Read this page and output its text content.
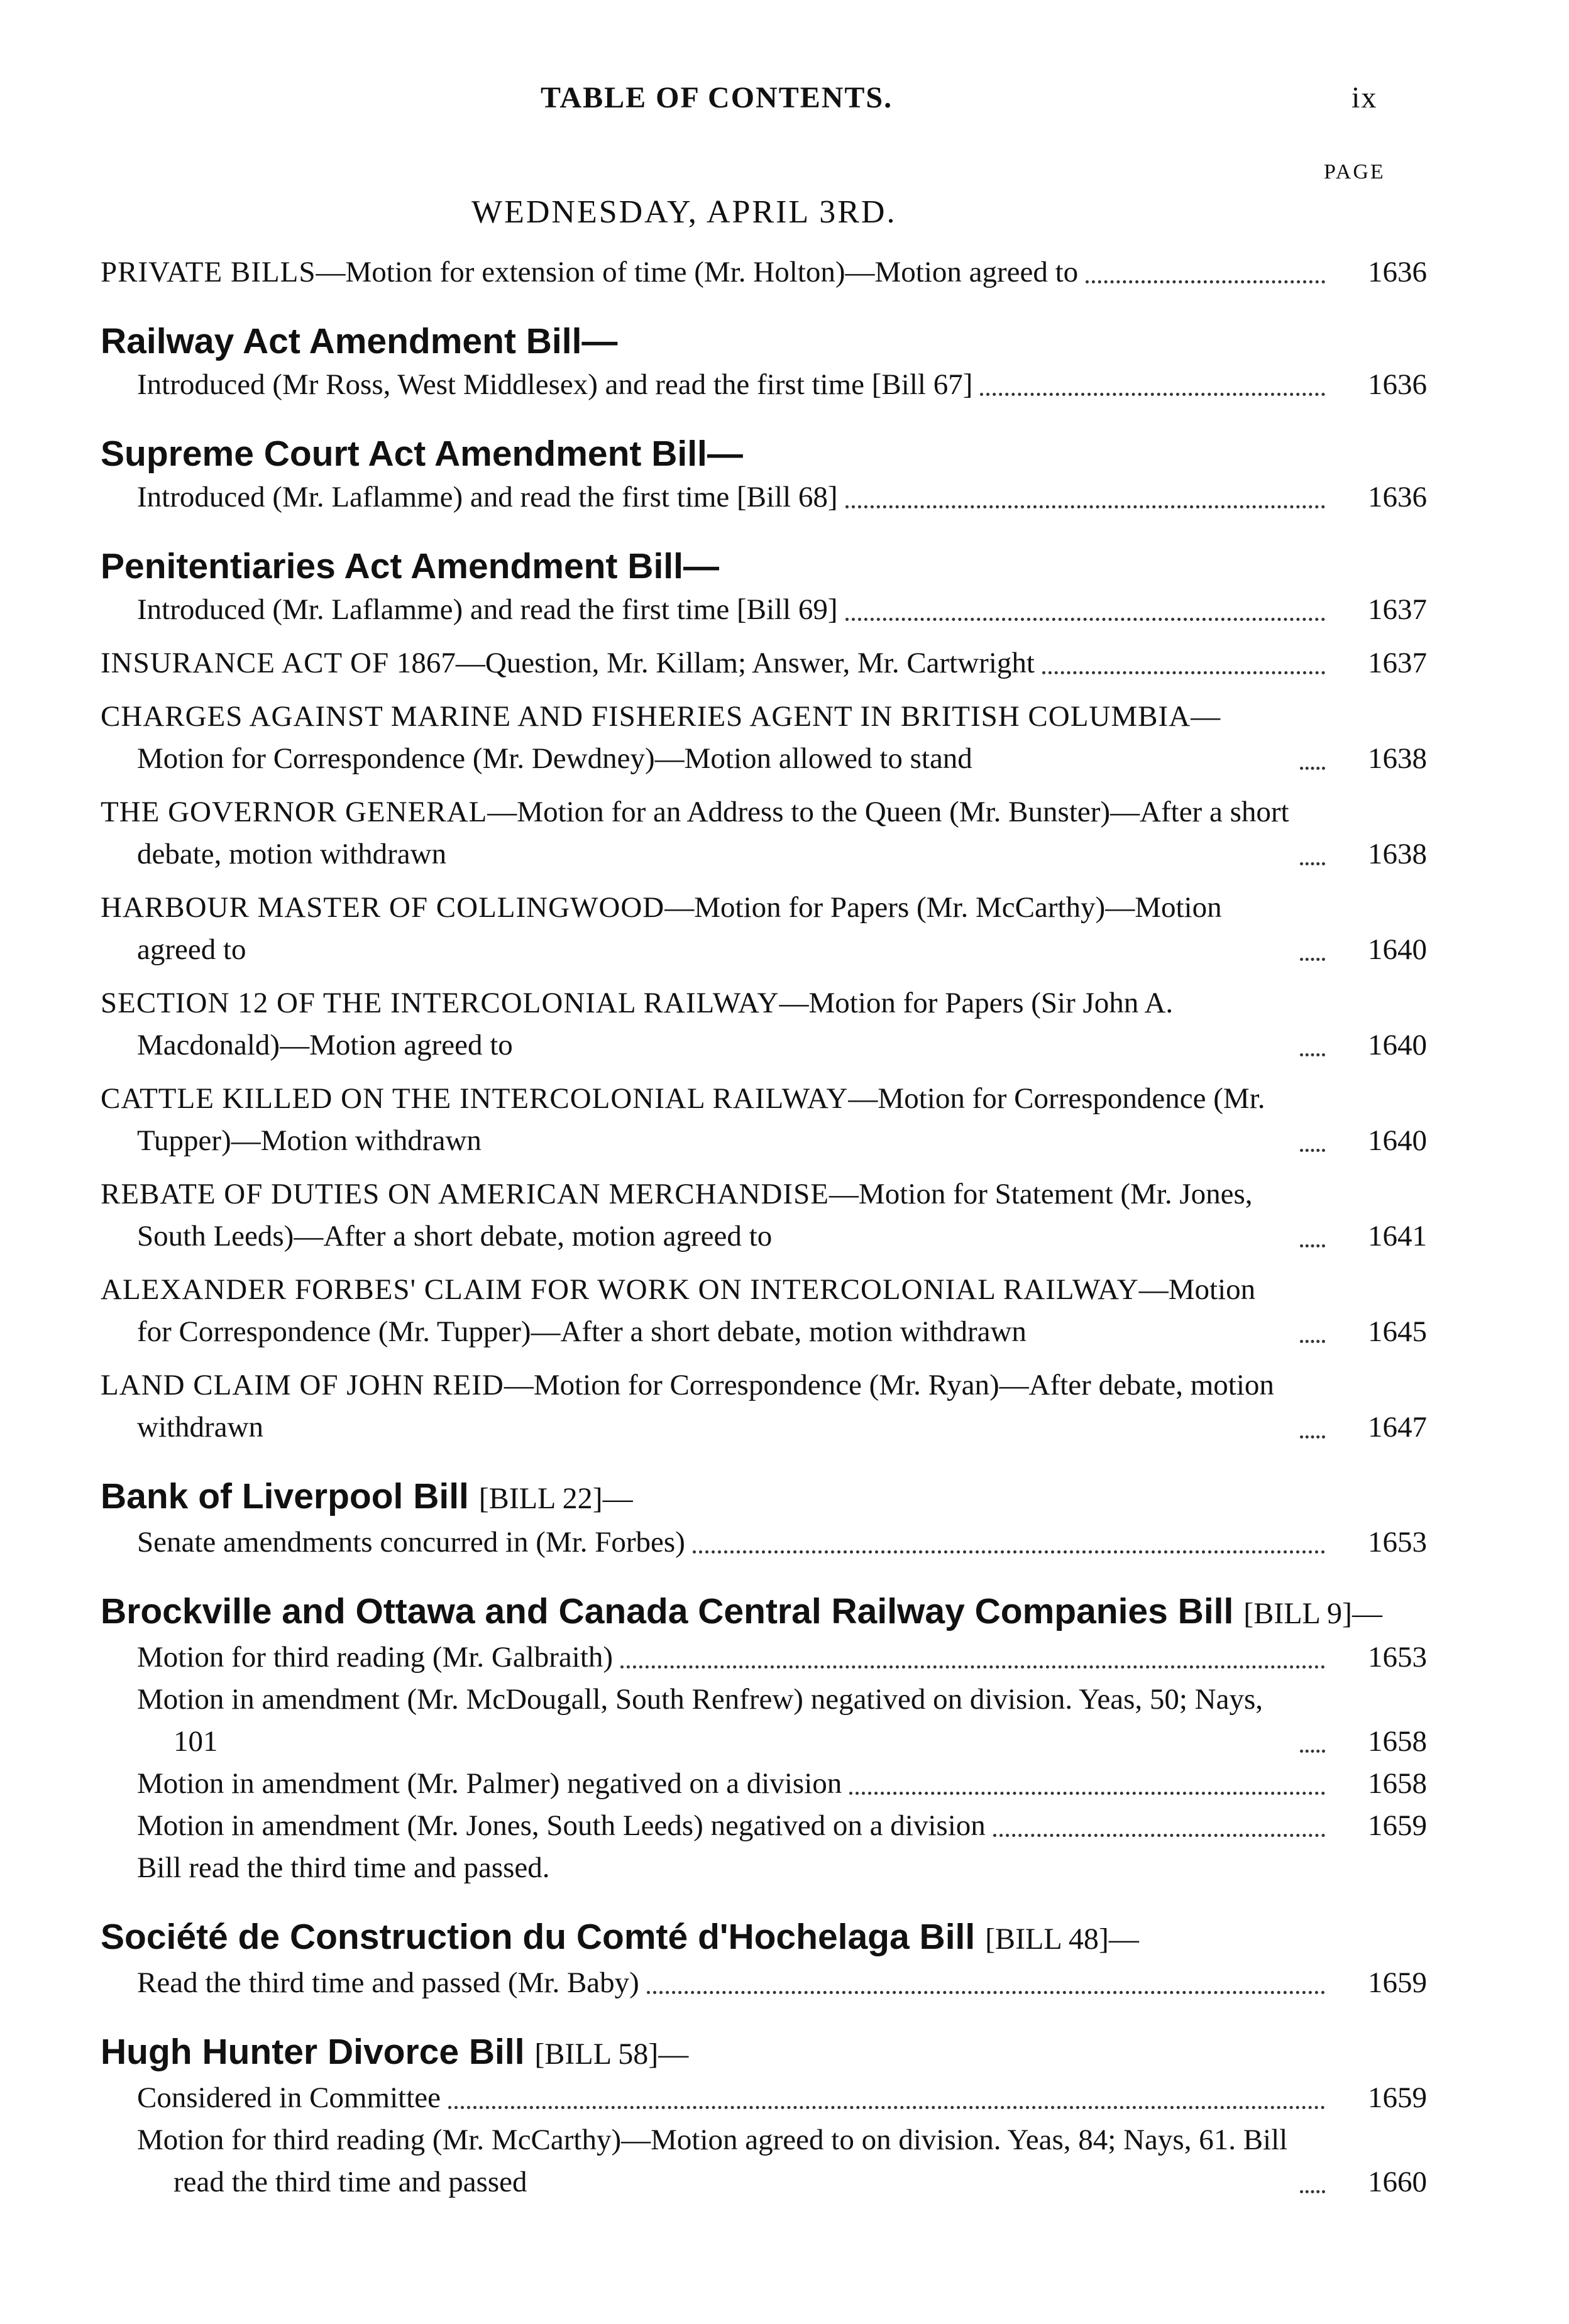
TABLE OF CONTENTS.	ix
PAGE
WEDNESDAY, APRIL 3RD.
PRIVATE BILLS—Motion for extension of time (Mr. Holton)—Motion agreed to	1636
Railway Act Amendment Bill—
Introduced (Mr Ross, West Middlesex) and read the first time [Bill 67]	1636
Supreme Court Act Amendment Bill—
Introduced (Mr. Laflamme) and read the first time [Bill 68]	1636
Penitentiaries Act Amendment Bill—
Introduced (Mr. Laflamme) and read the first time [Bill 69]	1637
INSURANCE ACT OF 1867—Question, Mr. Killam; Answer, Mr. Cartwright	1637
CHARGES AGAINST MARINE AND FISHERIES AGENT IN BRITISH COLUMBIA—Motion for Correspondence (Mr. Dewdney)—Motion allowed to stand	1638
THE GOVERNOR GENERAL—Motion for an Address to the Queen (Mr. Bunster)—After a short debate, motion withdrawn	1638
HARBOUR MASTER OF COLLINGWOOD—Motion for Papers (Mr. McCarthy)—Motion agreed to	1640
SECTION 12 OF THE INTERCOLONIAL RAILWAY—Motion for Papers (Sir John A. Macdonald)—Motion agreed to	1640
CATTLE KILLED ON THE INTERCOLONIAL RAILWAY—Motion for Correspondence (Mr. Tupper)—Motion withdrawn	1640
REBATE OF DUTIES ON AMERICAN MERCHANDISE—Motion for Statement (Mr. Jones, South Leeds)—After a short debate, motion agreed to	1641
ALEXANDER FORBES' CLAIM FOR WORK ON INTERCOLONIAL RAILWAY—Motion for Correspondence (Mr. Tupper)—After a short debate, motion withdrawn	1645
LAND CLAIM OF JOHN REID—Motion for Correspondence (Mr. Ryan)—After debate, motion withdrawn	1647
Bank of Liverpool Bill [BILL 22]—
Senate amendments concurred in (Mr. Forbes)	1653
Brockville and Ottawa and Canada Central Railway Companies Bill [BILL 9]—
Motion for third reading (Mr. Galbraith)	1653
Motion in amendment (Mr. McDougall, South Renfrew) negatived on division. Yeas, 50; Nays, 101	1658
Motion in amendment (Mr. Palmer) negatived on a division	1658
Motion in amendment (Mr. Jones, South Leeds) negatived on a division	1659
Bill read the third time and passed.
Société de Construction du Comté d'Hochelaga Bill [BILL 48]—
Read the third time and passed (Mr. Baby)	1659
Hugh Hunter Divorce Bill [BILL 58]—
Considered in Committee	1659
Motion for third reading (Mr. McCarthy)—Motion agreed to on division. Yeas, 84; Nays, 61. Bill read the third time and passed	1660
